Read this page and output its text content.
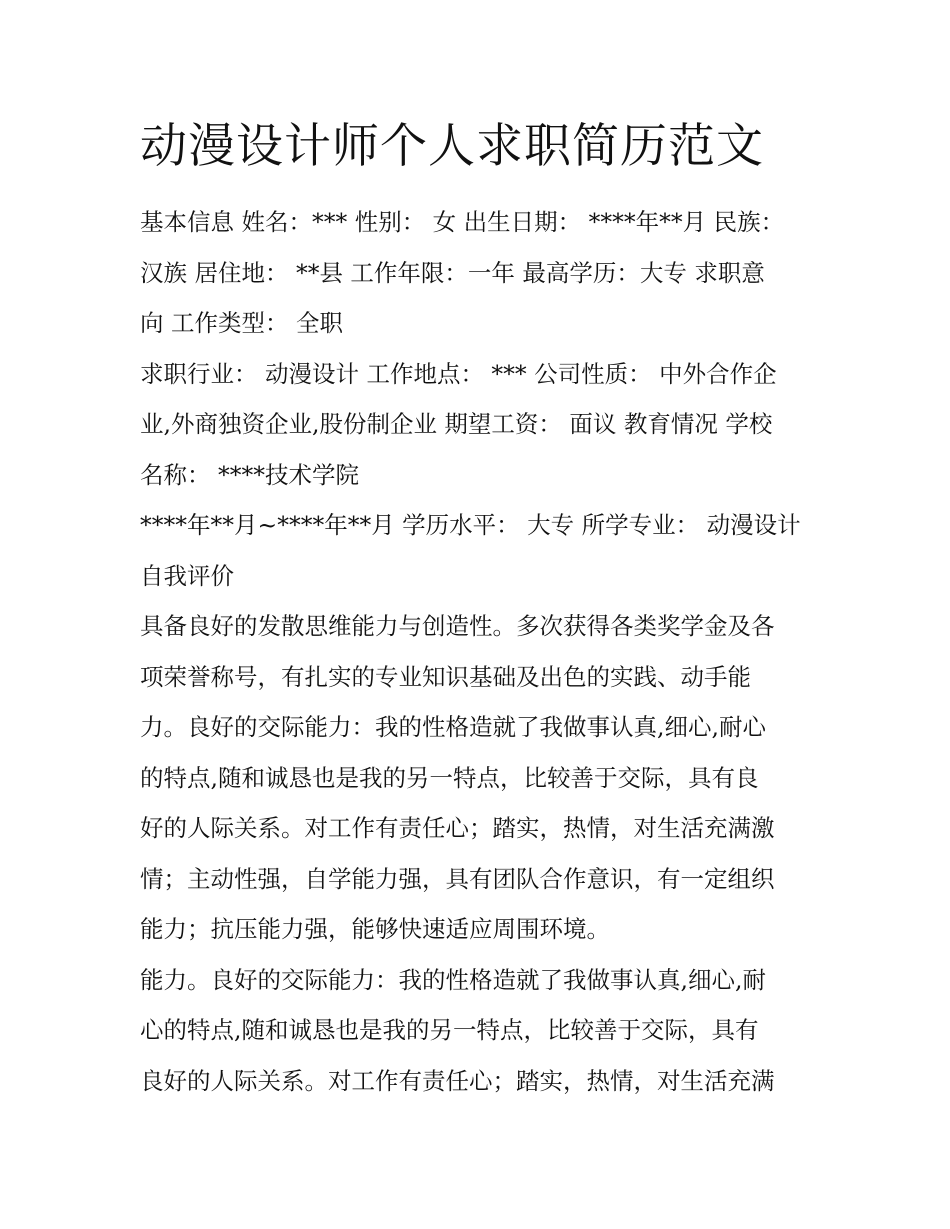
动漫设计师个人求职简历范文
基本信息 姓名：*** 性别： 女 出生日期： ****年**月 民族：
汉族 居住地： **县 工作年限：一年 最高学历：大专 求职意
向 工作类型： 全职
求职行业： 动漫设计 工作地点： *** 公司性质： 中外合作企
业,外商独资企业,股份制企业 期望工资： 面议 教育情况 学校
名称： ****技术学院
****年**月~****年**月 学历水平： 大专 所学专业： 动漫设计
自我评价
具备良好的发散思维能力与创造性。多次获得各类奖学金及各
项荣誉称号，有扎实的专业知识基础及出色的实践、动手能
力。良好的交际能力：我的性格造就了我做事认真,细心,耐心
的特点,随和诚恳也是我的另一特点，比较善于交际，具有良
好的人际关系。对工作有责任心；踏实，热情，对生活充满激
情；主动性强，自学能力强，具有团队合作意识，有一定组织
能力；抗压能力强，能够快速适应周围环境。
能力。良好的交际能力：我的性格造就了我做事认真,细心,耐
心的特点,随和诚恳也是我的另一特点，比较善于交际，具有
良好的人际关系。对工作有责任心；踏实，热情，对生活充满
